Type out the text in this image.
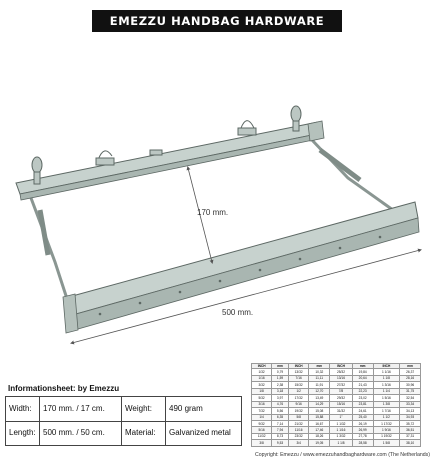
EMEZZU HANDBAG HARDWARE
170 mm.
500 mm.
Informationsheet: by Emezzu
Width:	170 mm. / 17 cm.	Weight:	490 gram
Length:	500 mm. / 50 cm.	Material:	Galvanized metal
INCH	mm	INCH	mm	INCH	mm	INCH	mm
1/32	0,79	13/32	10,32	25/32	19,84	1 1/16	26,37
1/16	1,59	7/16	11,11	13/16	20,64	1 1/8	28,16
3/32	2,38	15/32	11,91	27/32	21,43	1 3/16	30,96
1/8	3,18	1/2	12,70	7/8	22,23	1 1/4	31,75
5/32	3,97	17/32	13,49	29/32	23,02	1 5/16	32,54
3/16	4,76	9/16	14,29	15/16	23,81	1 3/8	33,34
7/32	5,56	19/32	15,08	31/32	24,61	1 7/16	34,13
1/4	6,35	5/8	15,88	1"	25,40	1 1/2	34,93
9/32	7,14	21/32	16,67	1 1/32	26,19	1 17/32	35,72
5/16	7,94	11/16	17,46	1 1/16	26,99	1 9/16	36,51
11/32	8,73	23/32	18,26	1 3/32	27,78	1 19/32	37,31
3/8	9,53	3/4	19,05	1 1/8	28,58	1 5/8	38,10
Copyright: Emezzu / www.emezzuhandbaghardware.com (The Netherlands)
